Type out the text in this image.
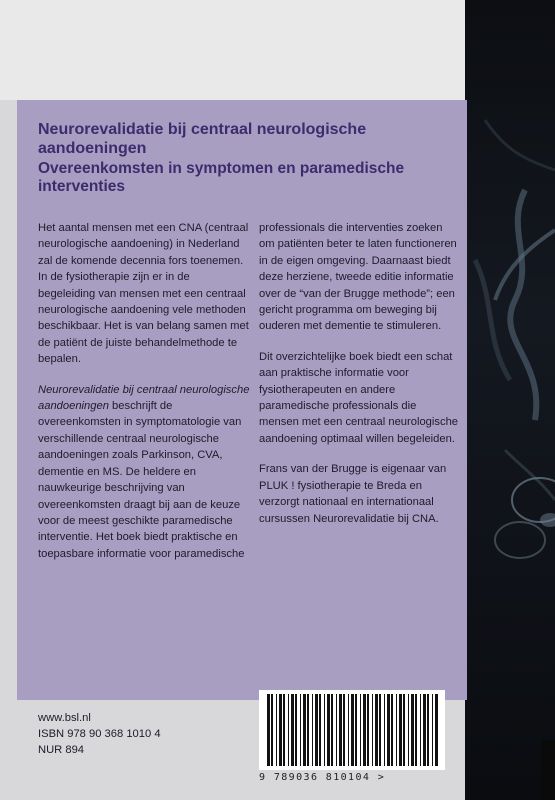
Neurorevalidatie bij centraal neurologische aandoeningen
Overeenkomsten in symptomen en paramedische interventies

Het aantal mensen met een CNA (centraal neurologische aandoening) in Nederland zal de komende decennia fors toenemen. In de fysiotherapie zijn er in de begeleiding van mensen met een centraal neurologische aandoening vele methoden beschikbaar. Het is van belang samen met de patiënt de juiste behandelmethode te bepalen.

Neurorevalidatie bij centraal neurologische aandoeningen beschrijft de overeenkomsten in symptomatologie van verschillende centraal neurologische aandoeningen zoals Parkinson, CVA, dementie en MS. De heldere en nauwkeurige beschrijving van overeenkomsten draagt bij aan de keuze voor de meest geschikte paramedische interventie. Het boek biedt praktische en toepasbare informatie voor paramedische

professionals die interventies zoeken om patiënten beter te laten functioneren in de eigen omgeving. Daarnaast biedt deze herziene, tweede editie informatie over de “van der Brugge methode”; een gericht programma om beweging bij ouderen met dementie te stimuleren.

Dit overzichtelijke boek biedt een schat aan praktische informatie voor fysiotherapeuten en andere paramedische professionals die mensen met een centraal neurologische aandoening optimaal willen begeleiden.

Frans van der Brugge is eigenaar van PLUK ! fysiotherapie te Breda en verzorgt nationaal en internationaal cursussen Neurorevalidatie bij CNA.

www.bsl.nl
ISBN 978 90 368 1010 4
NUR 894
9 789036 810104 >
